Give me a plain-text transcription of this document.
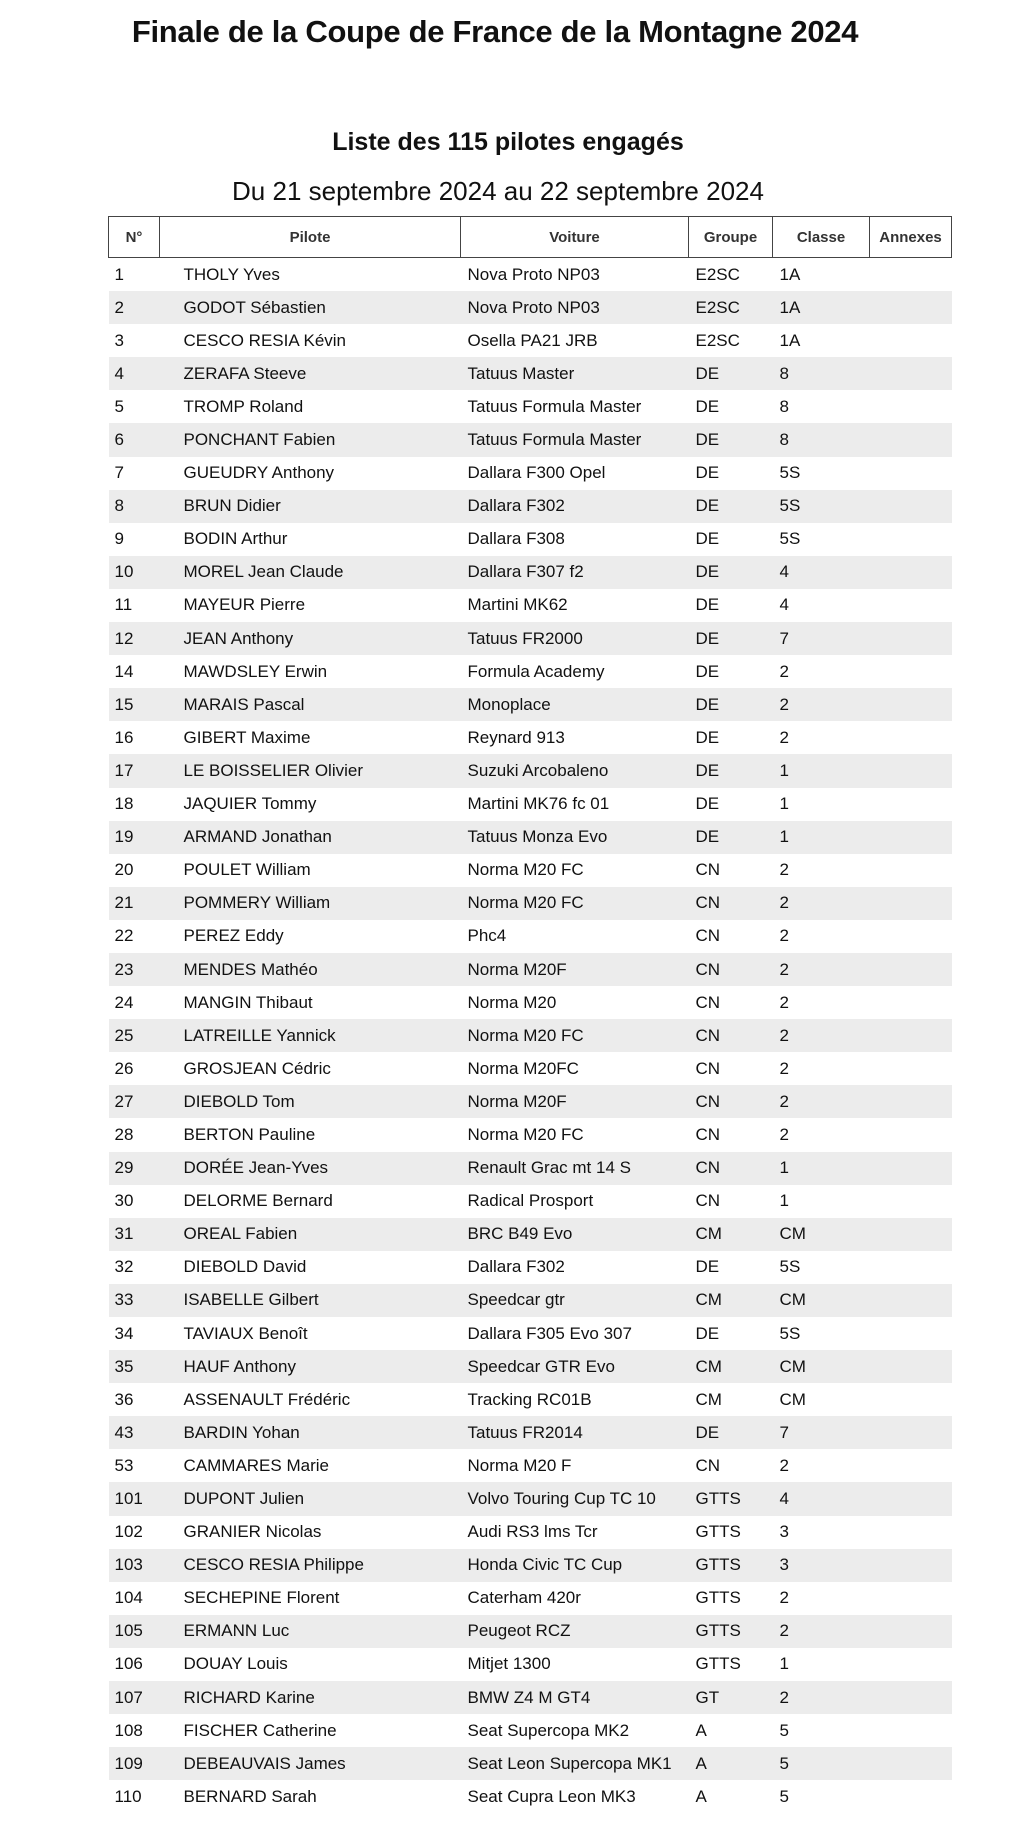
Finale de la Coupe de France de la Montagne 2024
Liste des 115 pilotes engagés
Du 21 septembre 2024 au 22 septembre 2024
N°	Pilote	Voiture	Groupe	Classe	Annexes
1	THOLY Yves	Nova Proto NP03	E2SC	1A	
2	GODOT Sébastien	Nova Proto NP03	E2SC	1A	
3	CESCO RESIA Kévin	Osella PA21 JRB	E2SC	1A	
4	ZERAFA Steeve	Tatuus Master	DE	8	
5	TROMP Roland	Tatuus Formula Master	DE	8	
6	PONCHANT Fabien	Tatuus Formula Master	DE	8	
7	GUEUDRY Anthony	Dallara F300 Opel	DE	5S	
8	BRUN Didier	Dallara F302	DE	5S	
9	BODIN Arthur	Dallara F308	DE	5S	
10	MOREL Jean Claude	Dallara F307 f2	DE	4	
11	MAYEUR Pierre	Martini MK62	DE	4	
12	JEAN Anthony	Tatuus FR2000	DE	7	
14	MAWDSLEY Erwin	Formula Academy	DE	2	
15	MARAIS Pascal	Monoplace	DE	2	
16	GIBERT Maxime	Reynard 913	DE	2	
17	LE BOISSELIER Olivier	Suzuki Arcobaleno	DE	1	
18	JAQUIER Tommy	Martini MK76 fc 01	DE	1	
19	ARMAND Jonathan	Tatuus Monza Evo	DE	1	
20	POULET William	Norma M20 FC	CN	2	
21	POMMERY William	Norma M20 FC	CN	2	
22	PEREZ Eddy	Phc4	CN	2	
23	MENDES Mathéo	Norma M20F	CN	2	
24	MANGIN Thibaut	Norma M20	CN	2	
25	LATREILLE Yannick	Norma M20 FC	CN	2	
26	GROSJEAN Cédric	Norma M20FC	CN	2	
27	DIEBOLD Tom	Norma M20F	CN	2	
28	BERTON Pauline	Norma M20 FC	CN	2	
29	DORÉE Jean-Yves	Renault Grac mt 14 S	CN	1	
30	DELORME Bernard	Radical Prosport	CN	1	
31	OREAL Fabien	BRC B49 Evo	CM	CM	
32	DIEBOLD David	Dallara F302	DE	5S	
33	ISABELLE Gilbert	Speedcar gtr	CM	CM	
34	TAVIAUX Benoît	Dallara F305 Evo 307	DE	5S	
35	HAUF Anthony	Speedcar GTR Evo	CM	CM	
36	ASSENAULT Frédéric	Tracking RC01B	CM	CM	
43	BARDIN Yohan	Tatuus FR2014	DE	7	
53	CAMMARES Marie	Norma M20 F	CN	2	
101	DUPONT Julien	Volvo Touring Cup TC 10	GTTS	4	
102	GRANIER Nicolas	Audi RS3 lms Tcr	GTTS	3	
103	CESCO RESIA Philippe	Honda Civic TC Cup	GTTS	3	
104	SECHEPINE Florent	Caterham 420r	GTTS	2	
105	ERMANN Luc	Peugeot RCZ	GTTS	2	
106	DOUAY Louis	Mitjet 1300	GTTS	1	
107	RICHARD Karine	BMW Z4 M GT4	GT	2	
108	FISCHER Catherine	Seat Supercopa MK2	A	5	
109	DEBEAUVAIS James	Seat Leon Supercopa MK1	A	5	
110	BERNARD Sarah	Seat Cupra Leon MK3	A	5	
